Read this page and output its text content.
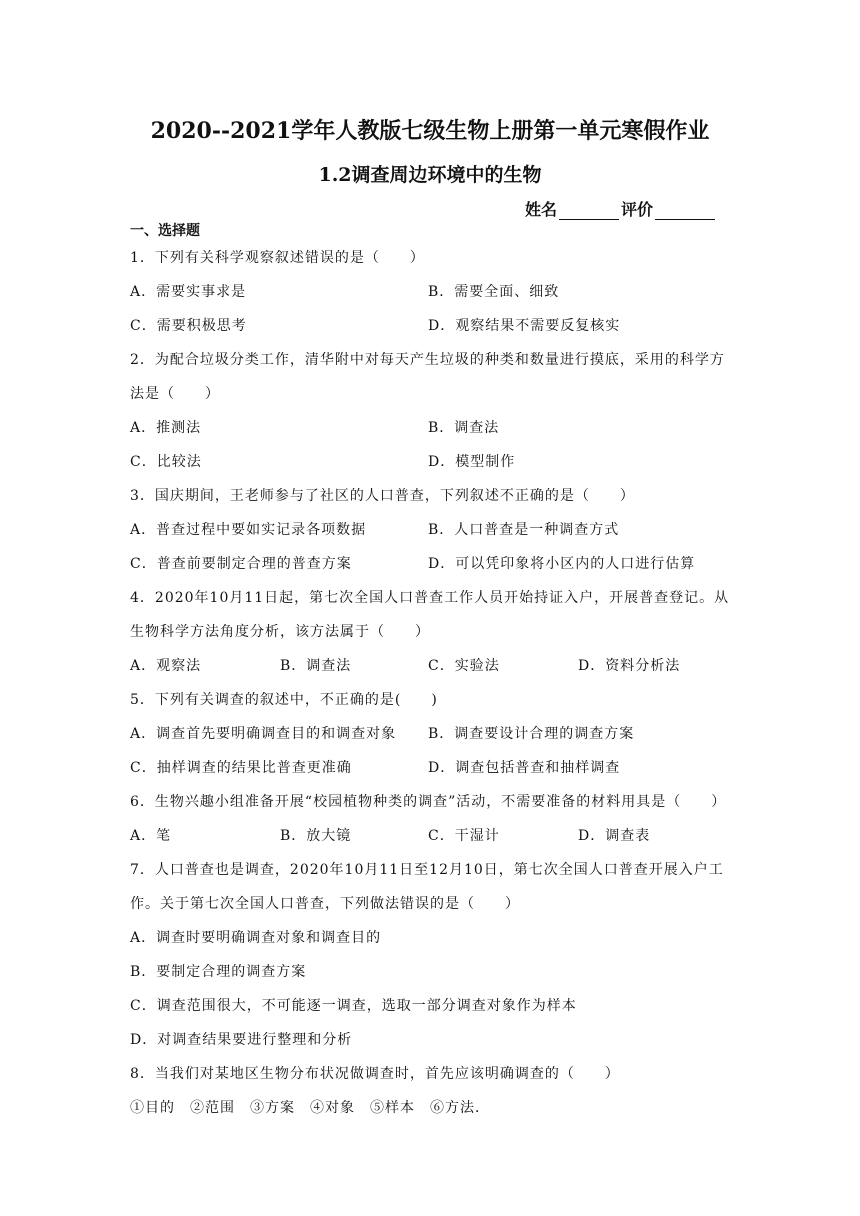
2020--2021学年人教版七级生物上册第一单元寒假作业
1.2调查周边环境中的生物
姓名	评价
一、选择题
1．下列有关科学观察叙述错误的是（　　）
A．需要实事求是	B．需要全面、细致
C．需要积极思考	D．观察结果不需要反复核实
2．为配合垃圾分类工作，清华附中对每天产生垃圾的种类和数量进行摸底，采用的科学方
法是（　　）
A．推测法	B．调查法
C．比较法	D．模型制作
3．国庆期间，王老师参与了社区的人口普查，下列叙述不正确的是（　　）
A．普查过程中要如实记录各项数据	B．人口普查是一种调查方式
C．普查前要制定合理的普查方案	D．可以凭印象将小区内的人口进行估算
4．2020年10月11日起，第七次全国人口普查工作人员开始持证入户，开展普查登记。从
生物科学方法角度分析，该方法属于（　　）
A．观察法	B．调查法	C．实验法	D．资料分析法
5．下列有关调查的叙述中，不正确的是(　　)
A．调查首先要明确调查目的和调查对象 B．调查要设计合理的调查方案
C．抽样调查的结果比普查更准确	D．调查包括普查和抽样调查
6．生物兴趣小组准备开展“校园植物种类的调查”活动，不需要准备的材料用具是（　　）
A．笔	B．放大镜	C．干湿计	D．调查表
7．人口普查也是调查，2020年10月11日至12月10日，第七次全国人口普查开展入户工
作。关于第七次全国人口普查，下列做法错误的是（　　）
A．调查时要明确调查对象和调查目的
B．要制定合理的调查方案
C．调查范围很大，不可能逐一调查，选取一部分调查对象作为样本
D．对调查结果要进行整理和分析
8．当我们对某地区生物分布状况做调查时，首先应该明确调查的（　　）
①目的　②范围　③方案　④对象　⑤样本　⑥方法．
